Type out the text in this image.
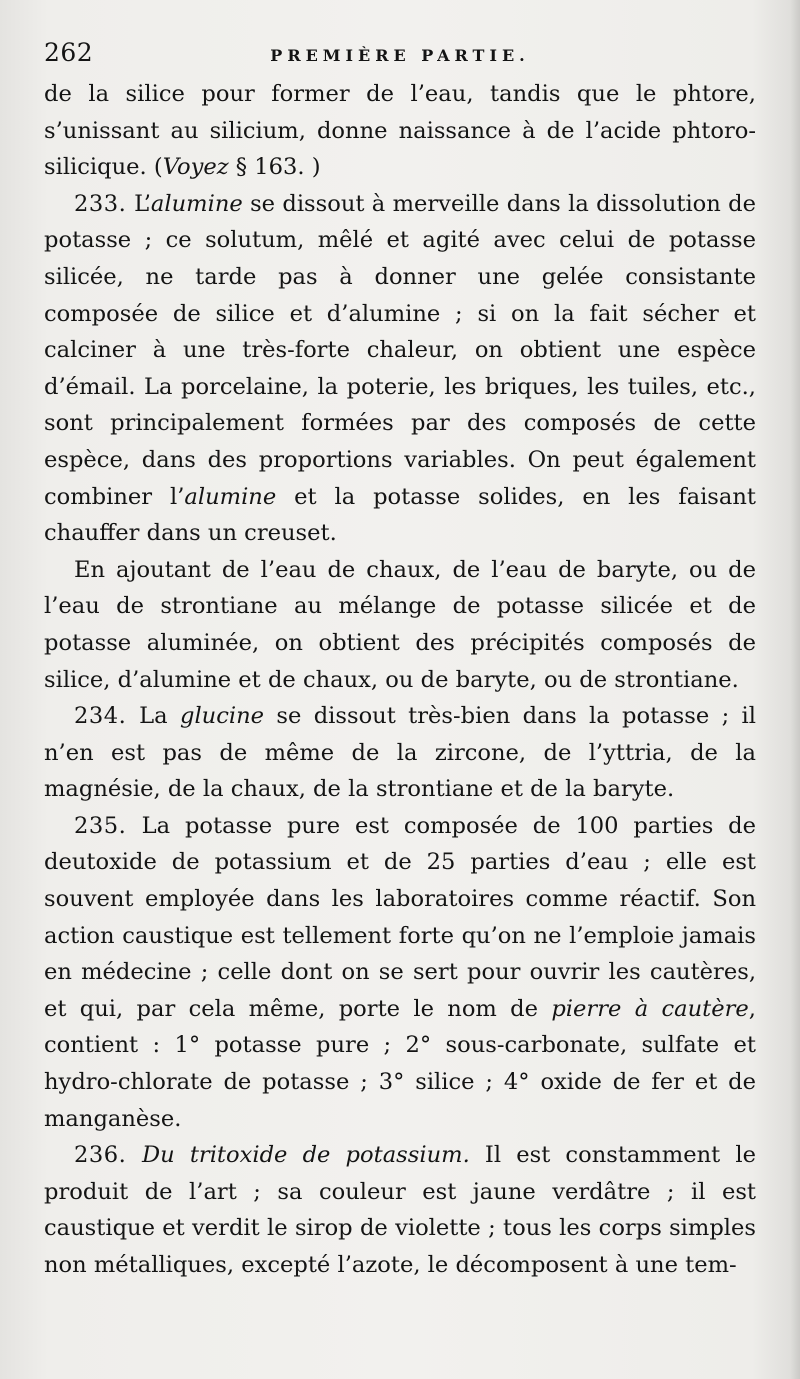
262	PREMIÈRE PARTIE.

de la silice pour former de l’eau, tandis que le phtore, s’unissant au silicium, donne naissance à de l’acide phtoro-silicique. (Voyez § 163. )

233. L’alumine se dissout à merveille dans la dissolution de potasse ; ce solutum, mêlé et agité avec celui de potasse silicée, ne tarde pas à donner une gelée consistante composée de silice et d’alumine ; si on la fait sécher et calciner à une très-forte chaleur, on obtient une espèce d’émail. La porcelaine, la poterie, les briques, les tuiles, etc., sont principalement formées par des composés de cette espèce, dans des proportions variables. On peut également combiner l’alumine et la potasse solides, en les faisant chauffer dans un creuset.

En ajoutant de l’eau de chaux, de l’eau de baryte, ou de l’eau de strontiane au mélange de potasse silicée et de potasse aluminée, on obtient des précipités composés de silice, d’alumine et de chaux, ou de baryte, ou de strontiane.

234. La glucine se dissout très-bien dans la potasse ; il n’en est pas de même de la zircone, de l’yttria, de la magnésie, de la chaux, de la strontiane et de la baryte.

235. La potasse pure est composée de 100 parties de deutoxide de potassium et de 25 parties d’eau ; elle est souvent employée dans les laboratoires comme réactif. Son action caustique est tellement forte qu’on ne l’emploie jamais en médecine ; celle dont on se sert pour ouvrir les cautères, et qui, par cela même, porte le nom de pierre à cautère, contient : 1° potasse pure ; 2° sous-carbonate, sulfate et hydro-chlorate de potasse ; 3° silice ; 4° oxide de fer et de manganèse.

236. Du tritoxide de potassium. Il est constamment le produit de l’art ; sa couleur est jaune verdâtre ; il est caustique et verdit le sirop de violette ; tous les corps simples non métalliques, excepté l’azote, le décomposent à une tem-
